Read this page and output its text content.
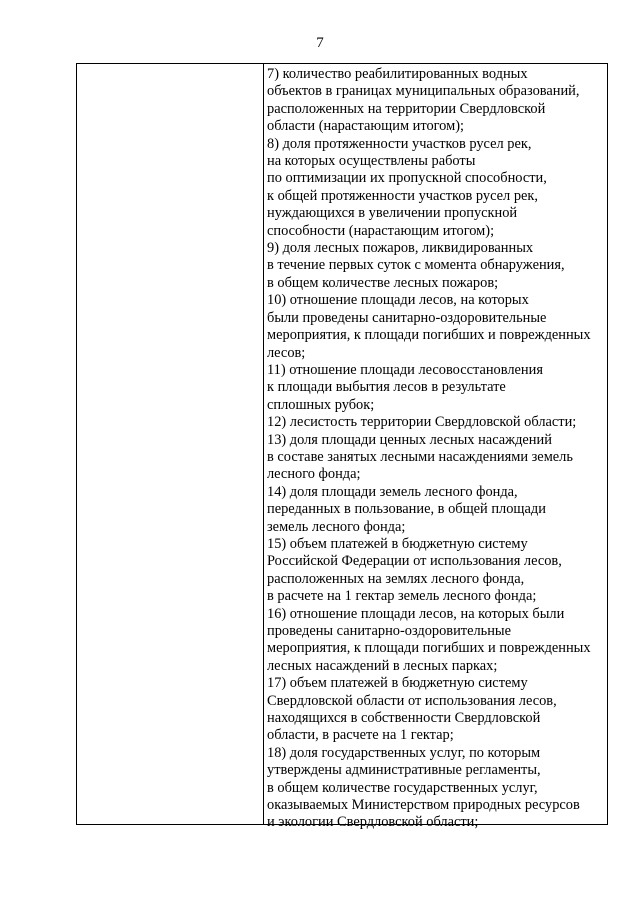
7
7) количество реабилитированных водных
объектов в границах муниципальных образований,
расположенных на территории Свердловской
области (нарастающим итогом);
8) доля протяженности участков русел рек,
на которых осуществлены работы
по оптимизации их пропускной способности,
к общей протяженности участков русел рек,
нуждающихся в увеличении пропускной
способности (нарастающим итогом);
9) доля лесных пожаров, ликвидированных
в течение первых суток с момента обнаружения,
в общем количестве лесных пожаров;
10) отношение площади лесов, на которых
были проведены санитарно-оздоровительные
мероприятия, к площади погибших и поврежденных
лесов;
11) отношение площади лесовосстановления
к площади выбытия лесов в результате
сплошных рубок;
12) лесистость территории Свердловской области;
13) доля площади ценных лесных насаждений
в составе занятых лесными насаждениями земель
лесного фонда;
14) доля площади земель лесного фонда,
переданных в пользование, в общей площади
земель лесного фонда;
15) объем платежей в бюджетную систему
Российской Федерации от использования лесов,
расположенных на землях лесного фонда,
в расчете на 1 гектар земель лесного фонда;
16) отношение площади лесов, на которых были
проведены санитарно-оздоровительные
мероприятия, к площади погибших и поврежденных
лесных насаждений в лесных парках;
17) объем платежей в бюджетную систему
Свердловской области от использования лесов,
находящихся в собственности Свердловской
области, в расчете на 1 гектар;
18) доля государственных услуг, по которым
утверждены административные регламенты,
в общем количестве государственных услуг,
оказываемых Министерством природных ресурсов
и экологии Свердловской области;
